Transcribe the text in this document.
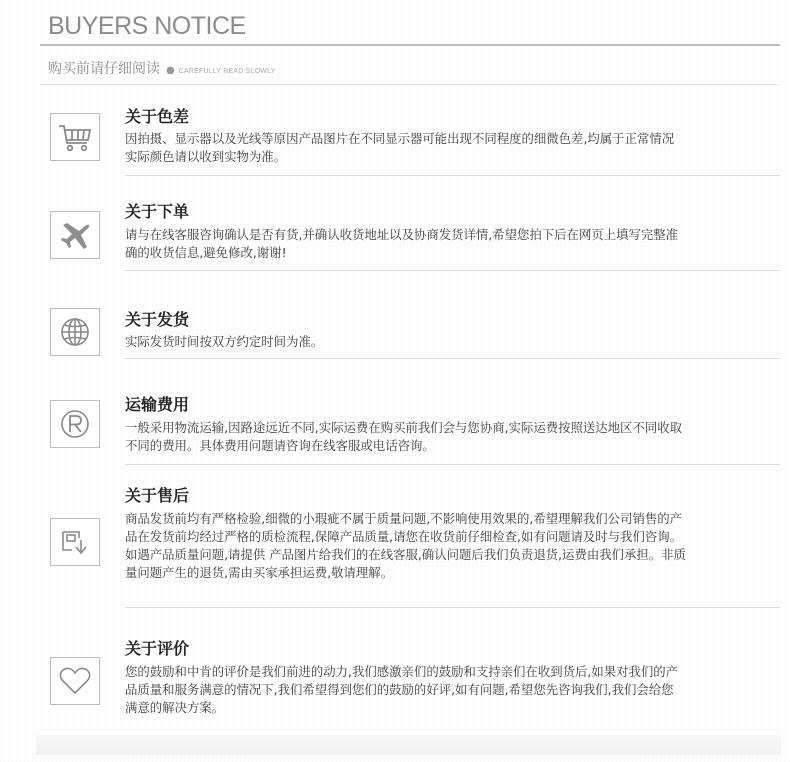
BUYERS NOTICE
购买前请仔细阅读 ● CAREFULLY READ SLOWLY
关于色差
因拍摄、显示器以及光线等原因产品图片在不同显示器可能出现不同程度的细微色差,均属于正常情况
实际颜色请以收到实物为准。
关于下单
请与在线客服咨询确认是否有货,并确认收货地址以及协商发货详情,希望您拍下后在网页上填写完整准
确的收货信息,避免修改,谢谢!
关于发货
实际发货时间按双方约定时间为准。
运输费用
一般采用物流运输,因路途远近不同,实际运费在购买前我们会与您协商,实际运费按照送达地区不同收取
不同的费用。具体费用问题请咨询在线客服或电话咨询。
关于售后
商品发货前均有严格检验,细微的小瑕疵不属于质量问题,不影响使用效果的,希望理解我们公司销售的产
品在发货前均经过严格的质检流程,保障产品质量,请您在收货前仔细检查,如有问题请及时与我们咨询。
如遇产品质量问题,请提供 产品图片给我们的在线客服,确认问题后我们负责退货,运费由我们承担。非质
量问题产生的退货,需由买家承担运费,敬请理解。
关于评价
您的鼓励和中肯的评价是我们前进的动力,我们感激亲们的鼓励和支持亲们在收到货后,如果对我们的产
品质量和服务满意的情况下,我们希望得到您们的鼓励的好评,如有问题,希望您先咨询我们,我们会给您
满意的解决方案。
